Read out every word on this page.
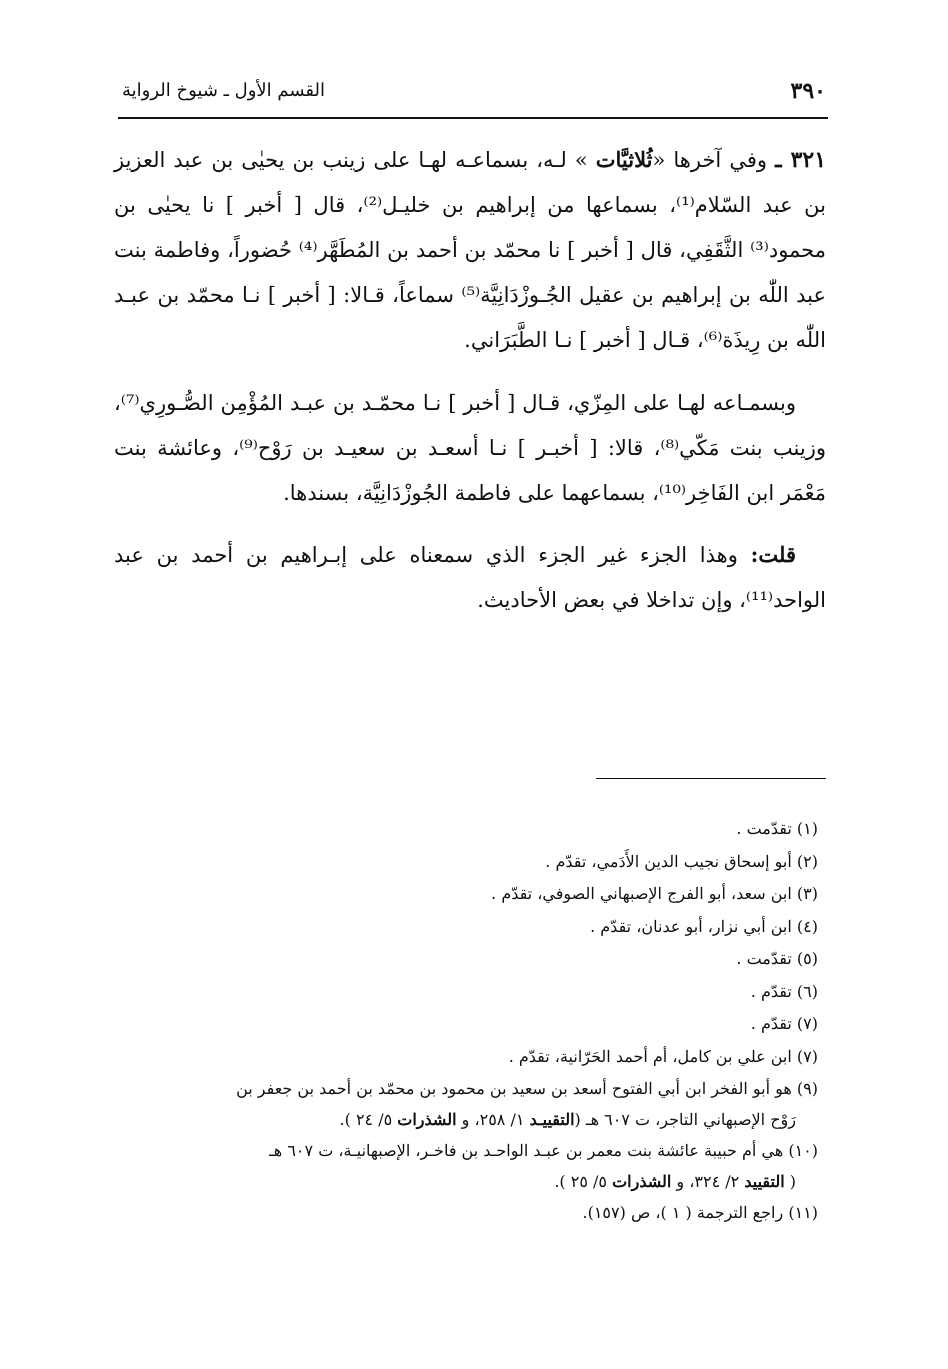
٣٩٠
القسم الأول ـ شيوخ الرواية

٣٢١ ـ وفي آخرها «ثُلاثيَّات » لـه، بسماعـه لهـا على زينب بن يحيٰى بن عبد العزيز بن عبد السّلام⁽¹⁾، بسماعها من إبراهيم بن خليـل⁽²⁾، قال [ أخبر ] نا يحيٰى بن محمود⁽³⁾ الثَّقَفِي، قال [ أخبر ] نا محمّد بن أحمد بن المُطَهَّر⁽⁴⁾ حُضوراً، وفاطمة بنت عبد اللّٰه بن إبراهيم بن عقيل الجُـوزْدَانِيَّة⁽⁵⁾ سماعاً، قـالا: [ أخبر ] نـا محمّد بن عبـد اللّٰه بن رِيذَة⁽⁶⁾، قـال [ أخبر ] نـا الطَّبَرَاني.

وبسمـاعه لهـا على المِزّي، قـال [ أخبر ] نـا محمّـد بن عبـد المُؤْمِن الصُّـورِي⁽⁷⁾، وزينب بنت مَكّي⁽⁸⁾، قالا: [ أخبـر ] نـا أسعـد بن سعيـد بن رَوْح⁽⁹⁾، وعائشة بنت مَعْمَر ابن الفَاخِر⁽¹⁰⁾، بسماعهما على فاطمة الجُوزْدَانِيَّة، بسندها.

قلت: وهذا الجزء غير الجزء الذي سمعناه على إبـراهيم بن أحمد بن عبد الواحد⁽¹¹⁾، وإن تداخلا في بعض الأحاديث.

(١) تقدّمت .

(٢) أبو إسحاق نجيب الدين الأَدَمي، تقدّم .

(٣) ابن سعد، أبو الفرج الإصبهاني الصوفي، تقدّم .

(٤) ابن أبي نزار، أبو عدنان، تقدّم .

(٥) تقدّمت .

(٦) تقدّم .

(٧) تقدّم .

(٧) ابن علي بن كامل، أم أحمد الحَرّانية، تقدّم .

(٩) هو أبو الفخر ابن أبي الفتوح أسعد بن سعيد بن محمود بن محمّد بن أحمد بن جعفر بن
رَوْح الإصبهاني التاجر، ت ٦٠٧ هـ (التقييـد ١/ ٢٥٨، و الشذرات ٥/ ٢٤ ).

(١٠) هي أم حبيبة عائشة بنت معمر بن عبـد الواحـد بن فاخـر، الإصبهانيـة، ت ٦٠٧ هـ
( التقييد ٢/ ٣٢٤، و الشذرات ٥/ ٢٥ ).

(١١) راجع الترجمة ( ١ )، ص (١٥٧).
